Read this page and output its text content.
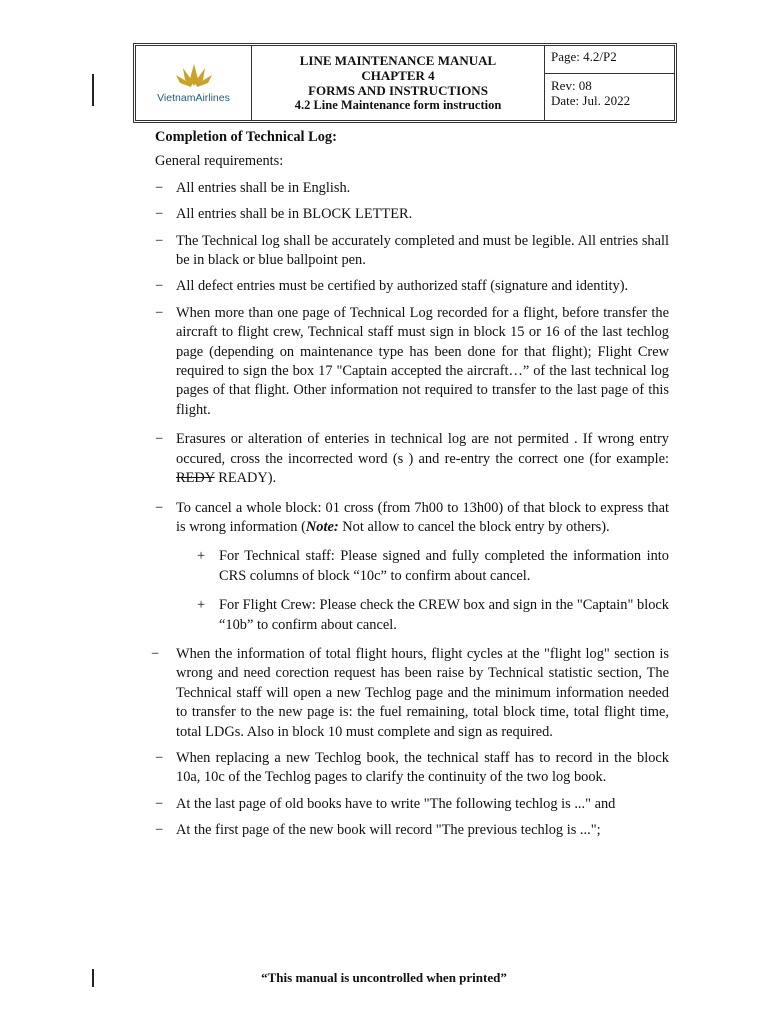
VietnamAirlines
LINE MAINTENANCE MANUAL
CHAPTER 4
FORMS AND INSTRUCTIONS
4.2 Line Maintenance form instruction
Page: 4.2/P2
Rev: 08
Date: Jul. 2022

Completion of Technical Log:

General requirements:

− All entries shall be in English.
− All entries shall be in BLOCK LETTER.
− The Technical log shall be accurately completed and must be legible. All entries shall be in black or blue ballpoint pen.
− All defect entries must be certified by authorized staff (signature and identity).
− When more than one page of Technical Log recorded for a flight, before transfer the aircraft to flight crew, Technical staff must sign in block 15 or 16 of the last techlog page (depending on maintenance type has been done for that flight); Flight Crew required to sign the box 17 "Captain accepted the aircraft…” of the last technical log pages of that flight. Other information not required to transfer to the last page of this flight.
− Erasures or alteration of enteries in technical log are not permited . If wrong entry occured, cross the incorrected word (s ) and re-entry the correct one (for example: REDY READY).
− To cancel a whole block: 01 cross (from 7h00 to 13h00) of that block to express that is wrong information (Note: Not allow to cancel the block entry by others).
+ For Technical staff: Please signed and fully completed the information into CRS columns of block “10c” to confirm about cancel.
+ For Flight Crew: Please check the CREW box and sign in the "Captain" block “10b” to confirm about cancel.
− When the information of total flight hours, flight cycles at the "flight log" section is wrong and need corection request has been raise by Technical statistic section, The Technical staff will open a new Techlog page and the minimum information needed to transfer to the new page is: the fuel remaining, total block time, total flight time, total LDGs. Also in block 10 must complete and sign as required.
− When replacing a new Techlog book, the technical staff has to record in the block 10a, 10c of the Techlog pages to clarify the continuity of the two log book.
− At the last page of old books have to write "The following techlog is ..." and
− At the first page of the new book will record "The previous techlog is ...";
“This manual is uncontrolled when printed”
